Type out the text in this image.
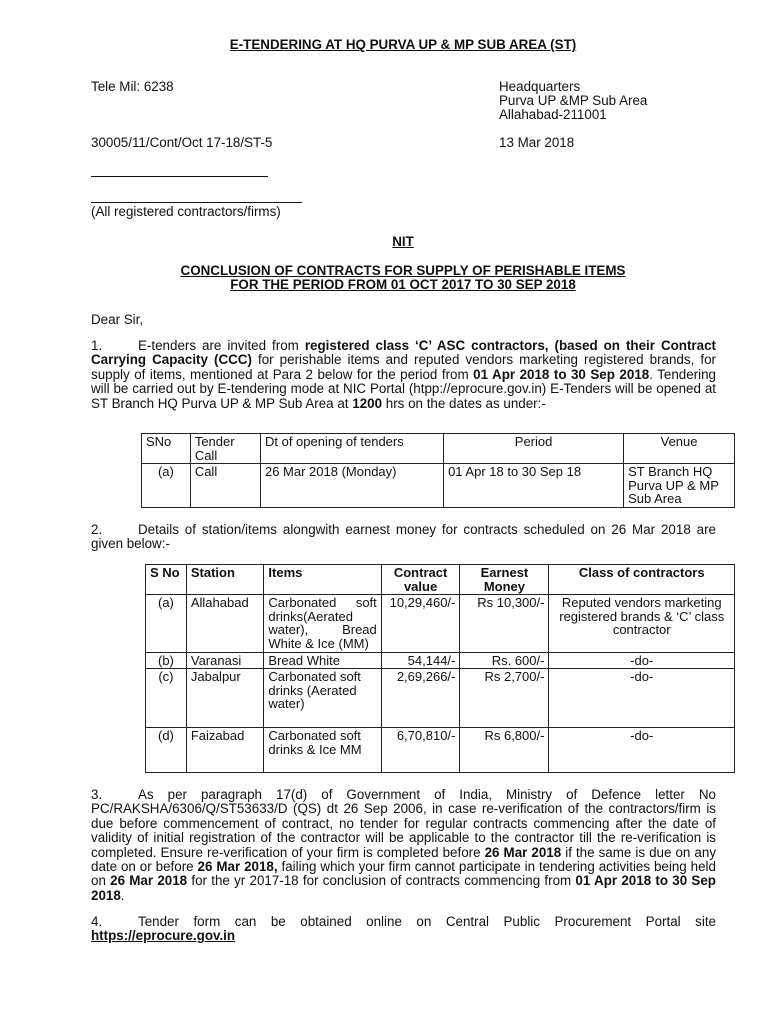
E-TENDERING AT HQ PURVA UP & MP SUB AREA (ST)
Tele Mil: 6238	Headquarters
Purva UP &MP Sub Area
Allahabad-211001
30005/11/Cont/Oct 17-18/ST-5	13 Mar 2018
(All registered contractors/firms)
NIT
CONCLUSION OF CONTRACTS FOR SUPPLY OF PERISHABLE ITEMS
FOR THE PERIOD FROM 01 OCT 2017 TO 30 SEP 2018
Dear Sir,
1.	E-tenders are invited from registered class ‘C’ ASC contractors, (based on their Contract Carrying Capacity (CCC) for perishable items and reputed vendors marketing registered brands, for supply of items, mentioned at Para 2 below for the period from 01 Apr 2018 to 30 Sep 2018. Tendering will be carried out by E-tendering mode at NIC Portal (htpp://eprocure.gov.in) E-Tenders will be opened at ST Branch HQ Purva UP & MP Sub Area at 1200 hrs on the dates as under:-
SNo	Tender Call	Dt of opening of tenders	Period	Venue
(a)	Call	26 Mar 2018 (Monday)	01 Apr 18 to 30 Sep 18	ST Branch HQ Purva UP & MP Sub Area
2.	Details of station/items alongwith earnest money for contracts scheduled on 26 Mar 2018 are given below:-
S No	Station	Items	Contract value	Earnest Money	Class of contractors
(a)	Allahabad	Carbonated soft drinks(Aerated water), Bread White & Ice (MM)	10,29,460/-	Rs 10,300/-	Reputed vendors marketing registered brands & ‘C’ class contractor
(b)	Varanasi	Bread White	54,144/-	Rs. 600/-	-do-
(c)	Jabalpur	Carbonated soft drinks (Aerated water)	2,69,266/-	Rs 2,700/-	-do-
(d)	Faizabad	Carbonated soft drinks & Ice MM	6,70,810/-	Rs 6,800/-	-do-
3.	As per paragraph 17(d) of Government of India, Ministry of Defence letter No PC/RAKSHA/6306/Q/ST53633/D (QS) dt 26 Sep 2006, in case re-verification of the contractors/firm is due before commencement of contract, no tender for regular contracts commencing after the date of validity of initial registration of the contractor will be applicable to the contractor till the re-verification is completed. Ensure re-verification of your firm is completed before 26 Mar 2018 if the same is due on any date on or before 26 Mar 2018, failing which your firm cannot participate in tendering activities being held on 26 Mar 2018 for the yr 2017-18 for conclusion of contracts commencing from 01 Apr 2018 to 30 Sep 2018.
4.	Tender form can be obtained online on Central Public Procurement Portal site https://eprocure.gov.in
